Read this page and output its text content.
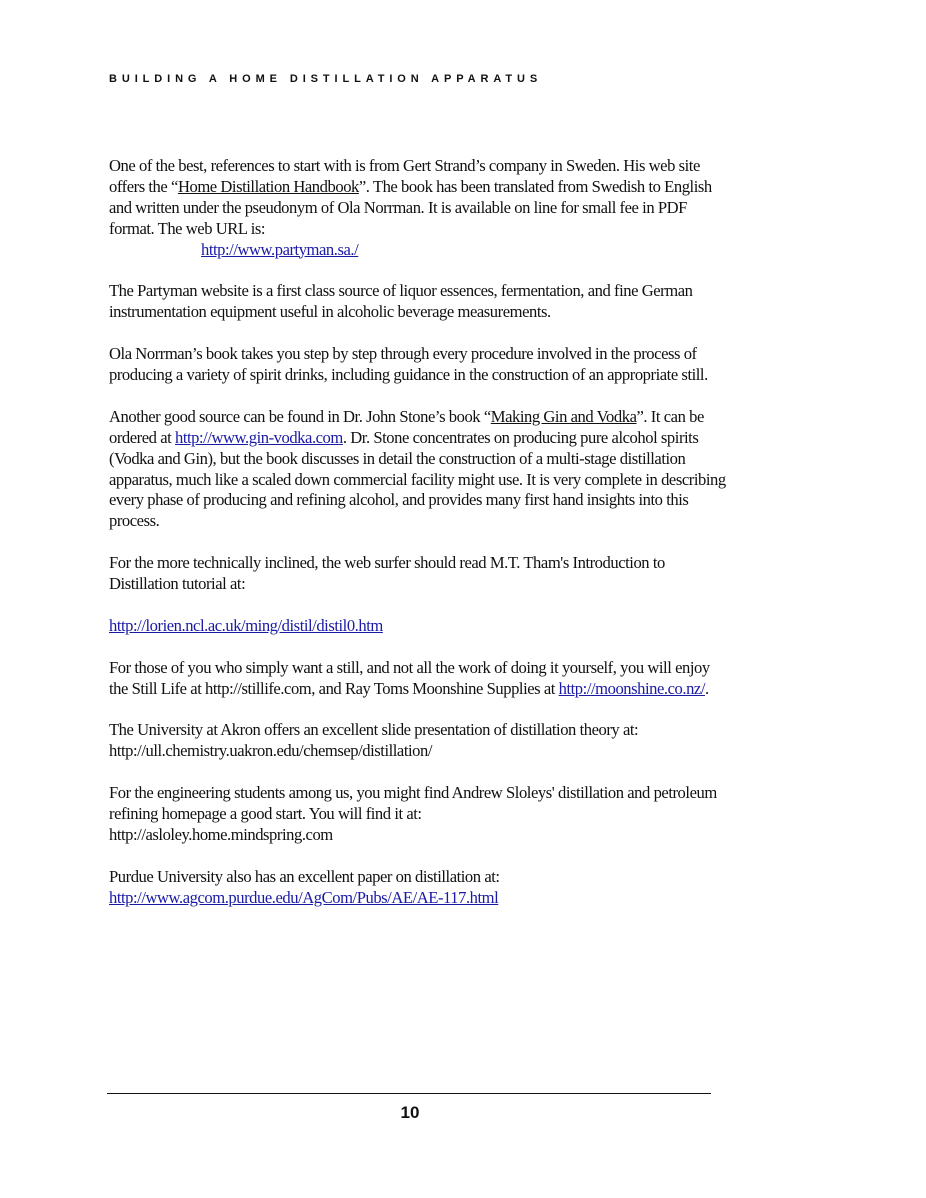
BUILDING A HOME DISTILLATION APPARATUS

One of the best, references to start with is from Gert Strand’s company in Sweden. His web site offers the “Home Distillation Handbook”. The book has been translated from Swedish to English and written under the pseudonym of Ola Norrman. It is available on line for small fee in PDF format. The web URL is:
http://www.partyman.sa./

The Partyman website is a first class source of liquor essences, fermentation, and fine German instrumentation equipment useful in alcoholic beverage measurements.

Ola Norrman’s book takes you step by step through every procedure involved in the process of producing a variety of spirit drinks, including guidance in the construction of an appropriate still.

Another good source can be found in Dr. John Stone’s book “Making Gin and Vodka”. It can be ordered at http://www.gin-vodka.com. Dr. Stone concentrates on producing pure alcohol spirits (Vodka and Gin), but the book discusses in detail the construction of a multi-stage distillation apparatus, much like a scaled down commercial facility might use. It is very complete in describing every phase of producing and refining alcohol, and provides many first hand insights into this process.

For the more technically inclined, the web surfer should read M.T. Tham's Introduction to Distillation tutorial at:

http://lorien.ncl.ac.uk/ming/distil/distil0.htm

For those of you who simply want a still, and not all the work of doing it yourself, you will enjoy the Still Life at http://stillife.com, and Ray Toms Moonshine Supplies at http://moonshine.co.nz/.

The University at Akron offers an excellent slide presentation of distillation theory at:
http://ull.chemistry.uakron.edu/chemsep/distillation/

For the engineering students among us, you might find Andrew Sloleys' distillation and petroleum refining homepage a good start. You will find it at:
http://asloley.home.mindspring.com

Purdue University also has an excellent paper on distillation at:
http://www.agcom.purdue.edu/AgCom/Pubs/AE/AE-117.html

10
